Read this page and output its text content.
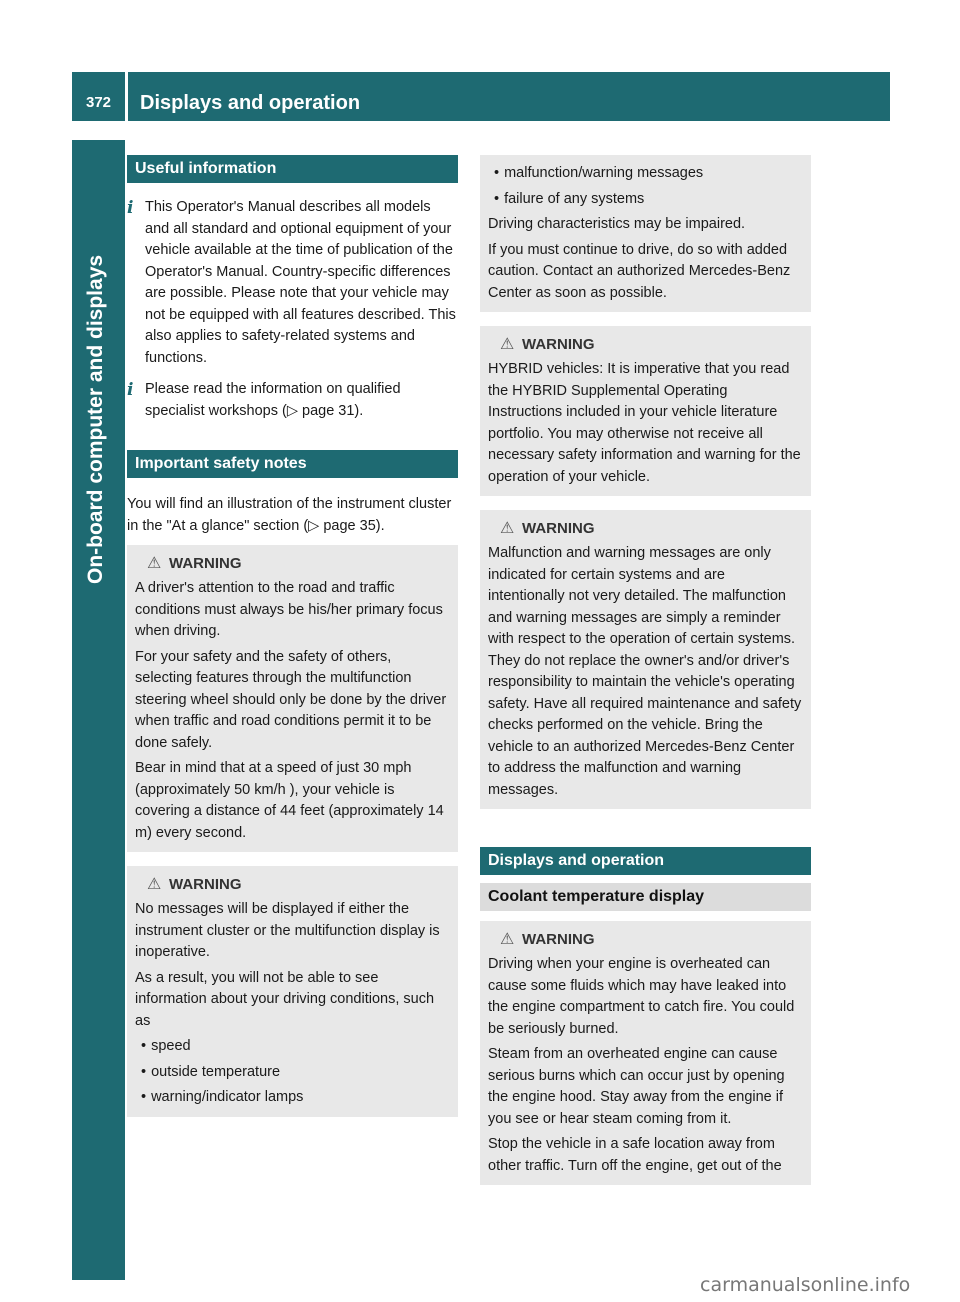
372	Displays and operation
On-board computer and displays
Useful information
i This Operator's Manual describes all models and all standard and optional equipment of your vehicle available at the time of publication of the Operator's Manual. Country-specific differences are possible. Please note that your vehicle may not be equipped with all features described. This also applies to safety-related systems and functions.

i Please read the information on qualified specialist workshops (▷ page 31).

Important safety notes

You will find an illustration of the instrument cluster in the "At a glance" section (▷ page 35).

⚠ WARNING

A driver's attention to the road and traffic conditions must always be his/her primary focus when driving.

For your safety and the safety of others, selecting features through the multifunction steering wheel should only be done by the driver when traffic and road conditions permit it to be done safely.

Bear in mind that at a speed of just 30 mph (approximately 50 km/h ), your vehicle is covering a distance of 44 feet (approximately 14 m) every second.

⚠ WARNING

No messages will be displayed if either the instrument cluster or the multifunction display is inoperative.

As a result, you will not be able to see information about your driving conditions, such as

• speed

• outside temperature

• warning/indicator lamps

• malfunction/warning messages

• failure of any systems

Driving characteristics may be impaired.

If you must continue to drive, do so with added caution. Contact an authorized Mercedes-Benz Center as soon as possible.

⚠ WARNING

HYBRID vehicles: It is imperative that you read the HYBRID Supplemental Operating Instructions included in your vehicle literature portfolio. You may otherwise not receive all necessary safety information and warning for the operation of your vehicle.

⚠ WARNING

Malfunction and warning messages are only indicated for certain systems and are intentionally not very detailed. The malfunction and warning messages are simply a reminder with respect to the operation of certain systems. They do not replace the owner's and/or driver's responsibility to maintain the vehicle's operating safety. Have all required maintenance and safety checks performed on the vehicle. Bring the vehicle to an authorized Mercedes-Benz Center to address the malfunction and warning messages.

Displays and operation
Coolant temperature display
⚠ WARNING

Driving when your engine is overheated can cause some fluids which may have leaked into the engine compartment to catch fire. You could be seriously burned.

Steam from an overheated engine can cause serious burns which can occur just by opening the engine hood. Stay away from the engine if you see or hear steam coming from it.

Stop the vehicle in a safe location away from other traffic. Turn off the engine, get out of the

carmanualsonline.info
